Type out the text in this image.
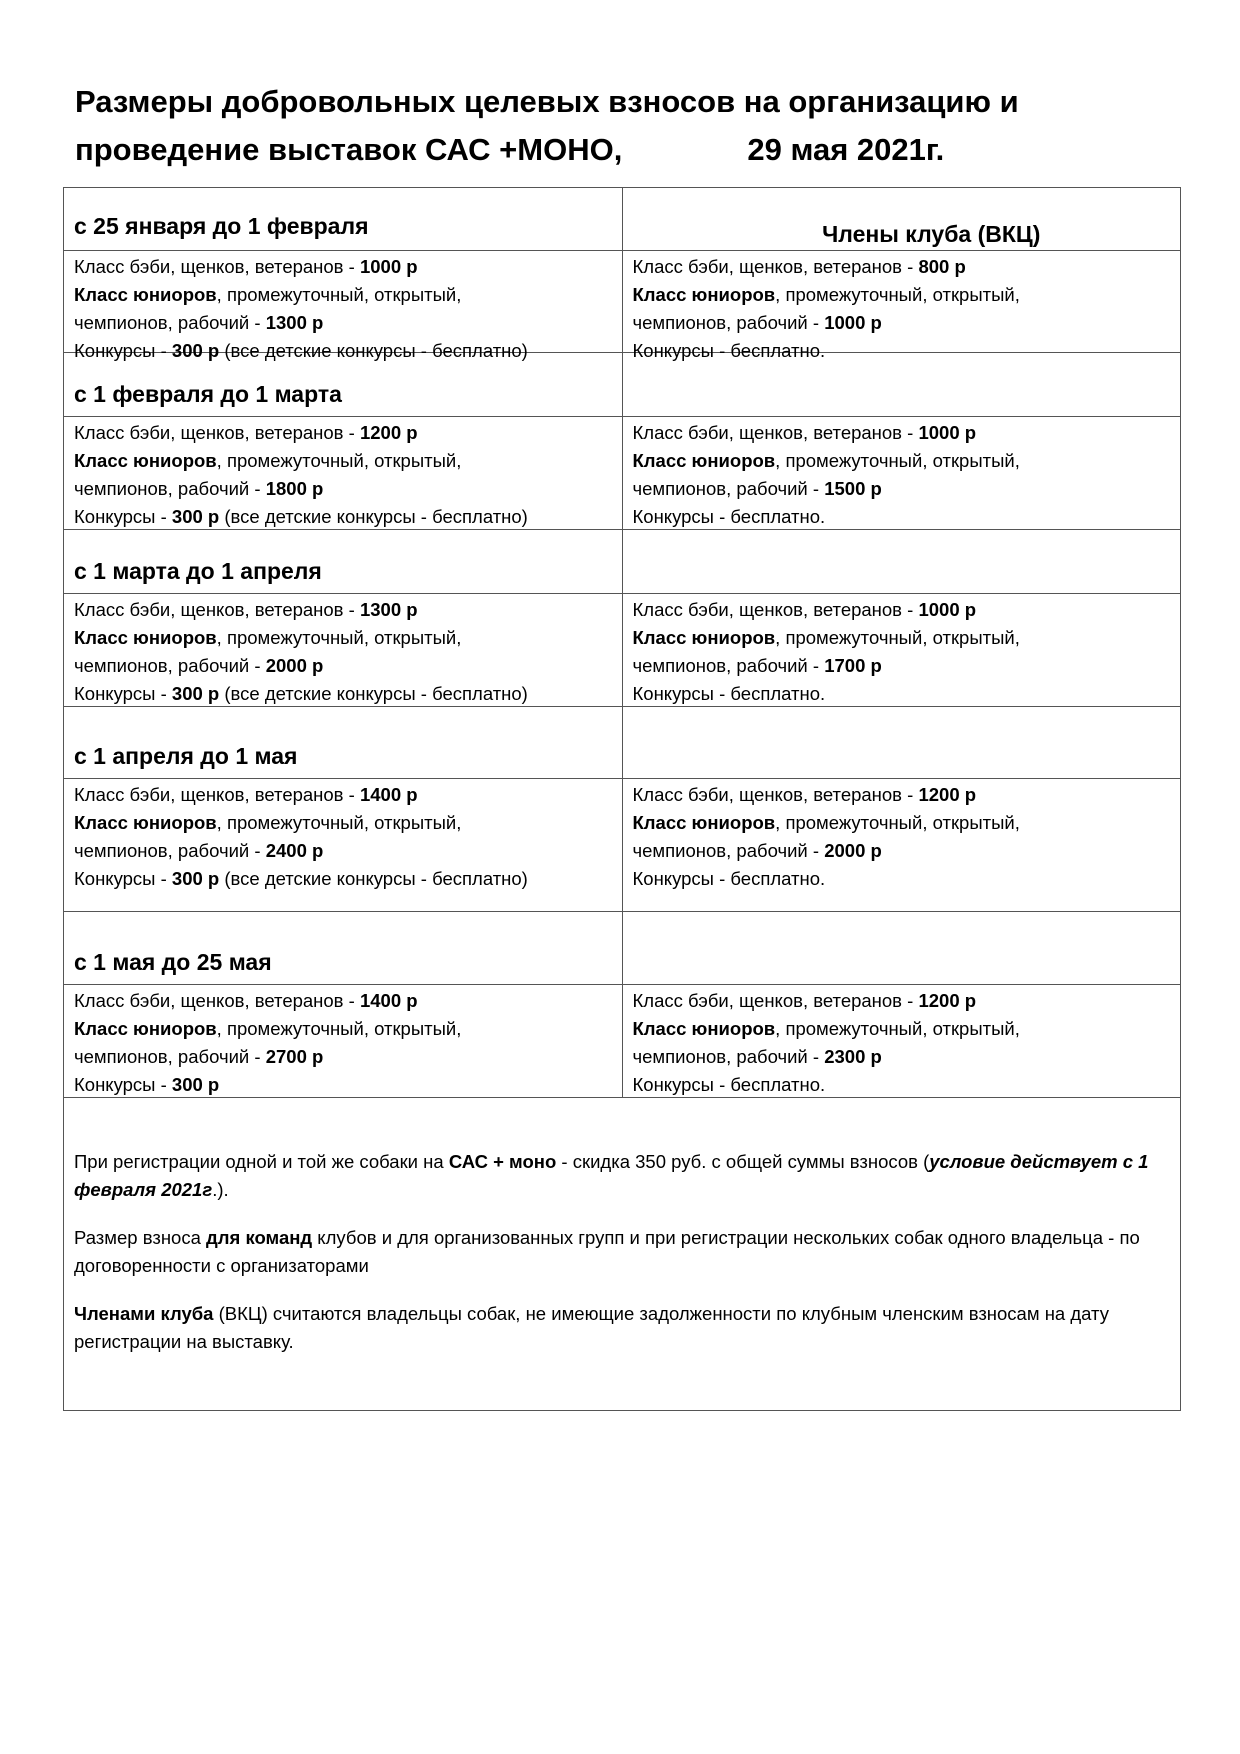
Размеры добровольных целевых взносов на организацию и
проведение выставок САС +МОНО,	29 мая 2021г.
с 25 января до 1 февраля	Члены клуба (ВКЦ)
Класс бэби, щенков, ветеранов - 1000 р
Класс юниоров, промежуточный, открытый,
чемпионов, рабочий - 1300 р
Конкурсы - 300 р (все детские конкурсы - бесплатно)
Класс бэби, щенков, ветеранов - 800 р
Класс юниоров, промежуточный, открытый,
чемпионов, рабочий - 1000 р
Конкурсы - бесплатно.
с 1 февраля до 1 марта
Класс бэби, щенков, ветеранов - 1200 р
Класс юниоров, промежуточный, открытый,
чемпионов, рабочий - 1800 р
Конкурсы - 300 р (все детские конкурсы - бесплатно)
Класс бэби, щенков, ветеранов - 1000 р
Класс юниоров, промежуточный, открытый,
чемпионов, рабочий - 1500 р
Конкурсы - бесплатно.
с 1 марта до 1 апреля
Класс бэби, щенков, ветеранов - 1300 р
Класс юниоров, промежуточный, открытый,
чемпионов, рабочий - 2000 р
Конкурсы - 300 р (все детские конкурсы - бесплатно)
Класс бэби, щенков, ветеранов - 1000 р
Класс юниоров, промежуточный, открытый,
чемпионов, рабочий - 1700 р
Конкурсы - бесплатно.
с 1 апреля до 1 мая
Класс бэби, щенков, ветеранов - 1400 р
Класс юниоров, промежуточный, открытый,
чемпионов, рабочий - 2400 р
Конкурсы - 300 р (все детские конкурсы - бесплатно)
Класс бэби, щенков, ветеранов - 1200 р
Класс юниоров, промежуточный, открытый,
чемпионов, рабочий - 2000 р
Конкурсы - бесплатно.
с 1 мая до 25 мая
Класс бэби, щенков, ветеранов - 1400 р
Класс юниоров, промежуточный, открытый,
чемпионов, рабочий - 2700 р
Конкурсы - 300 р
Класс бэби, щенков, ветеранов - 1200 р
Класс юниоров, промежуточный, открытый,
чемпионов, рабочий - 2300 р
Конкурсы - бесплатно.

При регистрации одной и той же собаки на САС + моно - скидка 350 руб. с общей суммы взносов (условие действует с 1 февраля 2021г.).

Размер взноса для команд клубов и для организованных групп и при регистрации нескольких собак одного владельца - по договоренности с организаторами

Членами клуба (ВКЦ) считаются владельцы собак, не имеющие задолженности по клубным членским взносам на дату регистрации на выставку.
